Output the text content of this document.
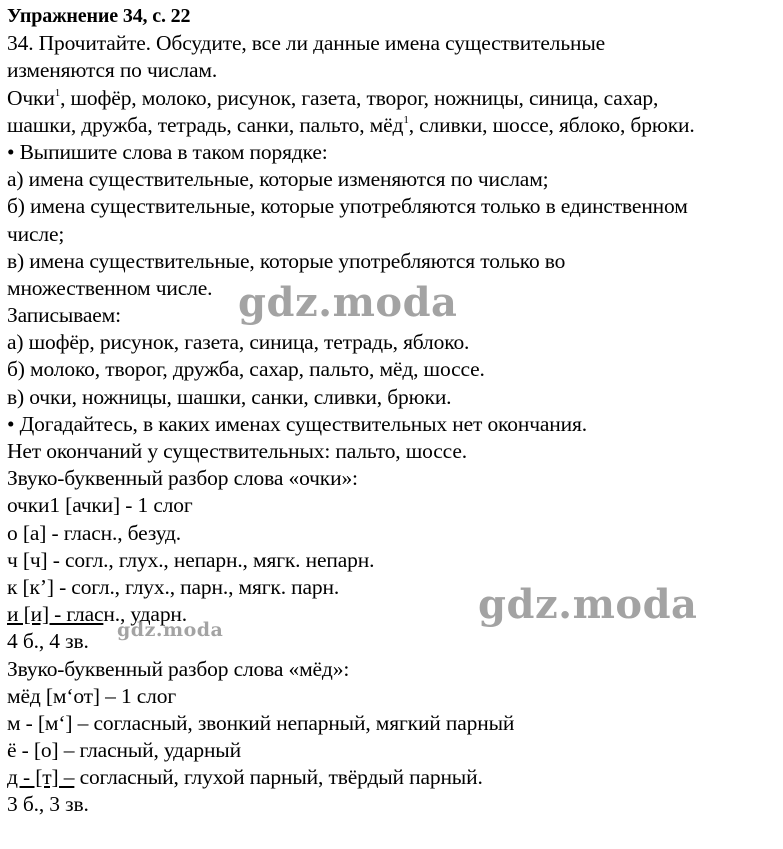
Упражнение 34, с. 22
34. Прочитайте. Обсудите, все ли данные имена существительные
изменяются по числам.
Очки$^1$, шофёр, молоко, рисунок, газета, творог, ножницы, синица, сахар,
шашки, дружба, тетрадь, санки, пальто, мёд$^1$, сливки, шоссе, яблоко, брюки.
• Выпишите слова в таком порядке:
а) имена существительные, которые изменяются по числам;
б) имена существительные, которые употребляются только в единственном
числе;
в) имена существительные, которые употребляются только во
множественном числе.
Записываем:
а) шофёр, рисунок, газета, синица, тетрадь, яблоко.
б) молоко, творог, дружба, сахар, пальто, мёд, шоссе.
в) очки, ножницы, шашки, санки, сливки, брюки.
• Догадайтесь, в каких именах существительных нет окончания.
Нет окончаний у существительных: пальто, шоссе.
Звуко-буквенный разбор слова «очки»:
очки1 [ачки] - 1 слог
о [а] - гласн., безуд.
ч [ч] - согл., глух., непарн., мягк. непарн.
к [к’] - согл., глух., парн., мягк. парн.
и [и] - гласн., ударн.
4 б., 4 зв.
Звуко-буквенный разбор слова «мёд»:
мёд [м‘от] – 1 слог
м - [м‘] – согласный, звонкий непарный, мягкий парный
ё - [о] – гласный, ударный
д - [т] – согласный, глухой парный, твёрдый парный.
3 б., 3 зв.
gdz.moda
gdz.moda
gdz.moda
